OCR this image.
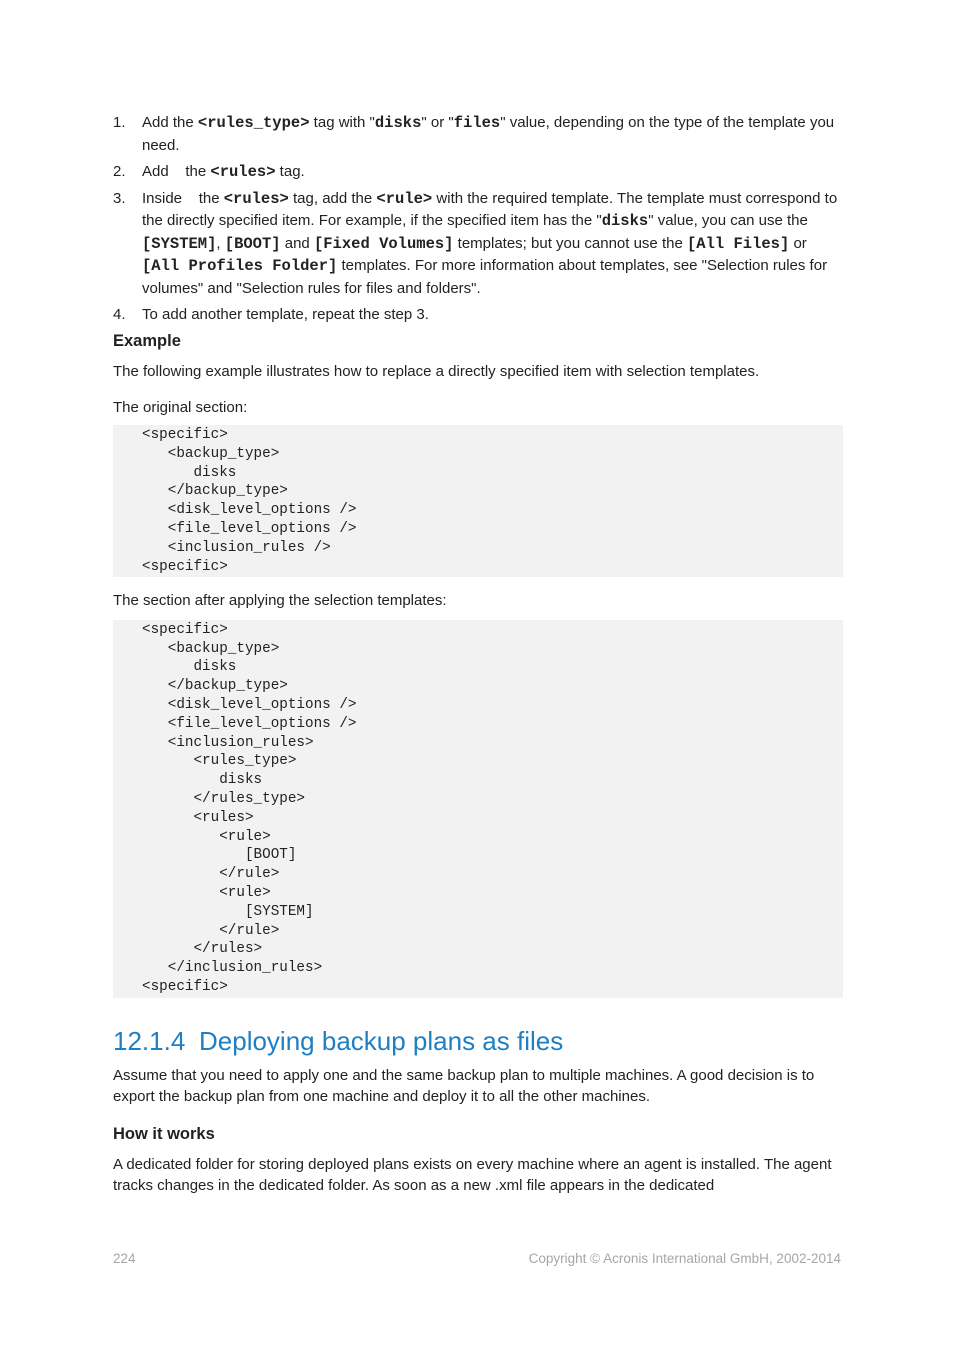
1.	Add the <rules_type> tag with "disks" or "files" value, depending on the type of the template you need.
2.	Add    the <rules> tag.
3.	Inside    the <rules> tag, add the <rule> with the required template. The template must correspond to the directly specified item. For example, if the specified item has the "disks" value, you can use the [SYSTEM], [BOOT] and [Fixed Volumes] templates; but you cannot use the [All Files] or [All Profiles Folder] templates. For more information about templates, see "Selection rules for volumes" and "Selection rules for files and folders".
4.	To add another template, repeat the step 3.
Example

The following example illustrates how to replace a directly specified item with selection templates.

The original section:

<specific>
<backup_type>
disks
</backup_type>
<disk_level_options />
<file_level_options />
<inclusion_rules />
<specific>

The section after applying the selection templates:

<specific>
<backup_type>
disks
</backup_type>
<disk_level_options />
<file_level_options />
<inclusion_rules>
<rules_type>
disks
</rules_type>
<rules>
<rule>
[BOOT]
</rule>
<rule>
[SYSTEM]
</rule>
</rules>
</inclusion_rules>
<specific>
12.1.4 Deploying backup plans as files

Assume that you need to apply one and the same backup plan to multiple machines. A good decision is to export the backup plan from one machine and deploy it to all the other machines.

How it works

A dedicated folder for storing deployed plans exists on every machine where an agent is installed. The agent tracks changes in the dedicated folder. As soon as a new .xml file appears in the dedicated

224	Copyright © Acronis International GmbH, 2002-2014
